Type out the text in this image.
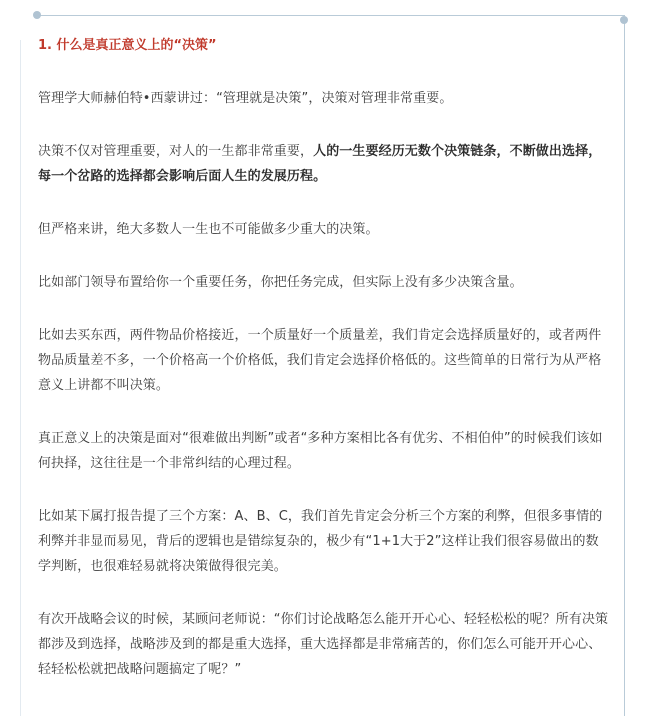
1. 什么是真正意义上的“决策”

管理学大师赫伯特•西蒙讲过：“管理就是决策”，决策对管理非常重要。

决策不仅对管理重要，对人的一生都非常重要，人的一生要经历无数个决策链条，不断做出选择，每一个岔路的选择都会影响后面人生的发展历程。

但严格来讲，绝大多数人一生也不可能做多少重大的决策。

比如部门领导布置给你一个重要任务，你把任务完成，但实际上没有多少决策含量。

比如去买东西，两件物品价格接近，一个质量好一个质量差，我们肯定会选择质量好的，或者两件物品质量差不多，一个价格高一个价格低，我们肯定会选择价格低的。这些简单的日常行为从严格意义上讲都不叫决策。

真正意义上的决策是面对“很难做出判断”或者“多种方案相比各有优劣、不相伯仲”的时候我们该如何抉择，这往往是一个非常纠结的心理过程。

比如某下属打报告提了三个方案：A、B、C，我们首先肯定会分析三个方案的利弊，但很多事情的利弊并非显而易见，背后的逻辑也是错综复杂的，极少有“1+1大于2”这样让我们很容易做出的数学判断，也很难轻易就将决策做得很完美。

有次开战略会议的时候，某顾问老师说：“你们讨论战略怎么能开开心心、轻轻松松的呢？所有决策都涉及到选择，战略涉及到的都是重大选择，重大选择都是非常痛苦的，你们怎么可能开开心心、轻轻松松就把战略问题搞定了呢？”
